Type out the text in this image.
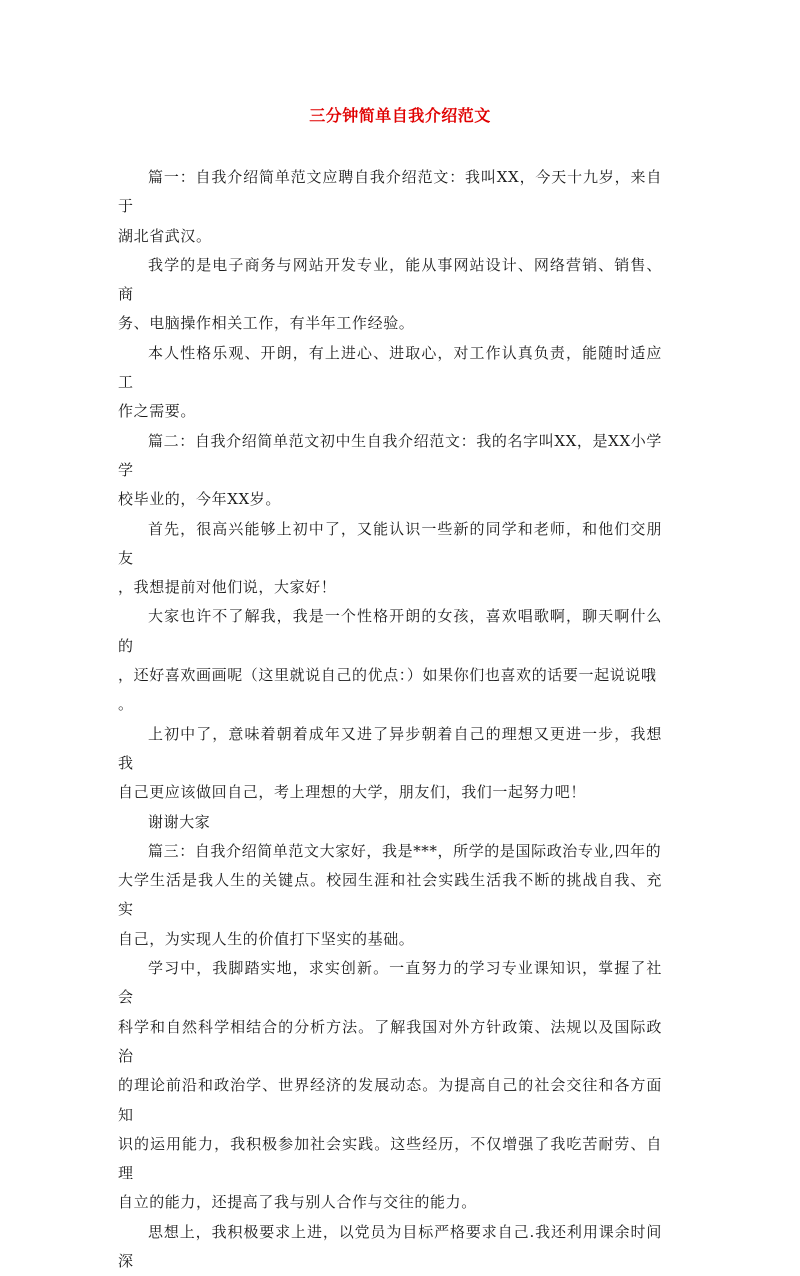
三分钟简单自我介绍范文

篇一：自我介绍简单范文应聘自我介绍范文：我叫XX，今天十九岁，来自于
湖北省武汉。

我学的是电子商务与网站开发专业，能从事网站设计、网络营销、销售、商
务、电脑操作相关工作，有半年工作经验。

本人性格乐观、开朗，有上进心、进取心，对工作认真负责，能随时适应工
作之需要。

篇二：自我介绍简单范文初中生自我介绍范文：我的名字叫XX，是XX小学学
校毕业的，今年XX岁。

首先，很高兴能够上初中了，又能认识一些新的同学和老师，和他们交朋友
，我想提前对他们说，大家好！

大家也许不了解我，我是一个性格开朗的女孩，喜欢唱歌啊，聊天啊什么的
，还好喜欢画画呢（这里就说自己的优点：）如果你们也喜欢的话要一起说说哦
。

上初中了，意味着朝着成年又进了异步朝着自己的理想又更进一步，我想我
自己更应该做回自己，考上理想的大学，朋友们，我们一起努力吧！

谢谢大家

篇三：自我介绍简单范文大家好，我是***，所学的是国际政治专业,四年的
大学生活是我人生的关键点。校园生涯和社会实践生活我不断的挑战自我、充实
自己，为实现人生的价值打下坚实的基础。

学习中，我脚踏实地，求实创新。一直努力的学习专业课知识，掌握了社会
科学和自然科学相结合的分析方法。了解我国对外方针政策、法规以及国际政治
的理论前沿和政治学、世界经济的发展动态。为提高自己的社会交往和各方面知
识的运用能力，我积极参加社会实践。这些经历，不仅增强了我吃苦耐劳、自理
自立的能力，还提高了我与别人合作与交往的能力。

思想上，我积极要求上进，以党员为目标严格要求自己.我还利用课余时间深
